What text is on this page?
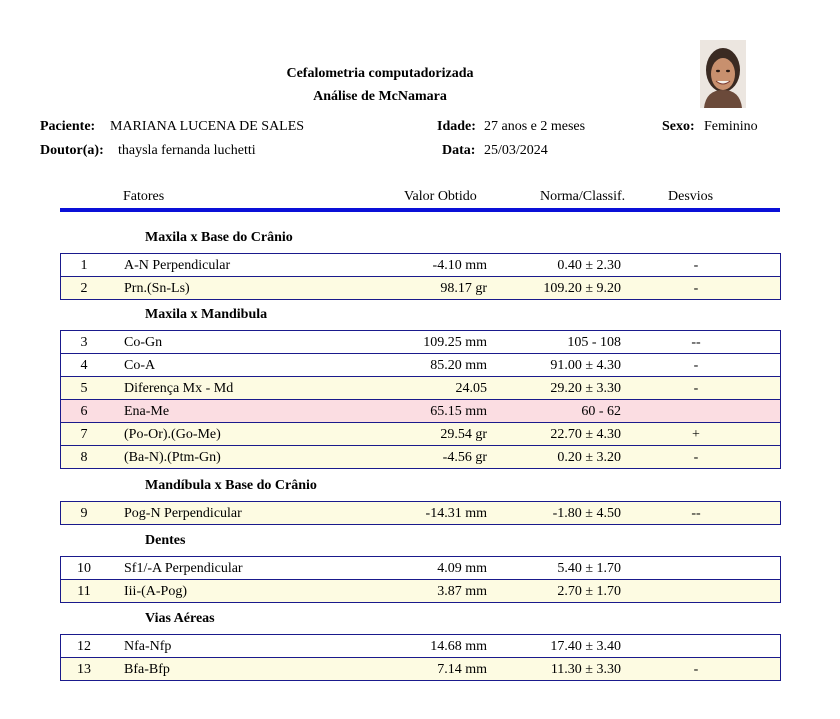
Cefalometria computadorizada
Análise de McNamara
Paciente: MARIANA LUCENA DE SALES	Idade: 27 anos e 2 meses	Sexo: Feminino
Doutor(a): thaysla fernanda luchetti	Data: 25/03/2024
Fatores	Valor Obtido	Norma/Classif.	Desvios
Maxila x Base do Crânio
1	A-N Perpendicular	-4.10 mm	0.40 ± 2.30	-
2	Prn.(Sn-Ls)	98.17 gr	109.20 ± 9.20	-
Maxila x Mandibula
3	Co-Gn	109.25 mm	105 - 108	--
4	Co-A	85.20 mm	91.00 ± 4.30	-
5	Diferença Mx - Md	24.05	29.20 ± 3.30	-
6	Ena-Me	65.15 mm	60 - 62
7	(Po-Or).(Go-Me)	29.54 gr	22.70 ± 4.30	+
8	(Ba-N).(Ptm-Gn)	-4.56 gr	0.20 ± 3.20	-
Mandíbula x Base do Crânio
9	Pog-N Perpendicular	-14.31 mm	-1.80 ± 4.50	--
Dentes
10	Sf1/-A Perpendicular	4.09 mm	5.40 ± 1.70
11	Iii-(A-Pog)	3.87 mm	2.70 ± 1.70
Vias Aéreas
12	Nfa-Nfp	14.68 mm	17.40 ± 3.40
13	Bfa-Bfp	7.14 mm	11.30 ± 3.30	-
